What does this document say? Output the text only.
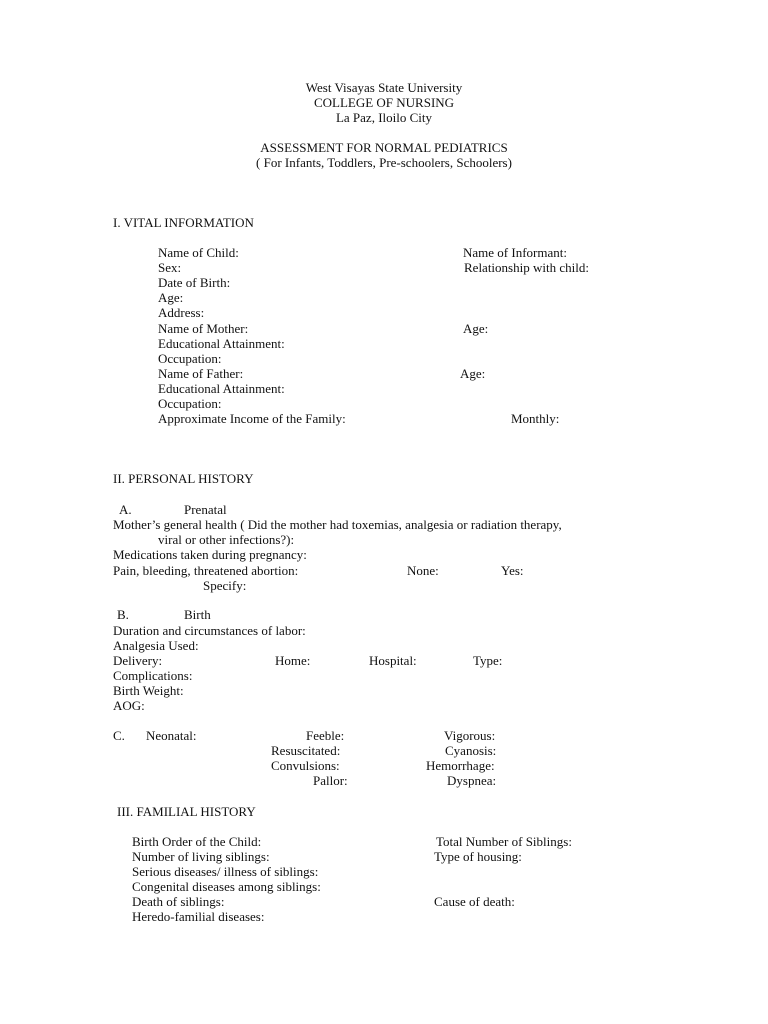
West Visayas State University
COLLEGE OF NURSING
La Paz, Iloilo City
ASSESSMENT FOR NORMAL PEDIATRICS
( For Infants, Toddlers, Pre-schoolers, Schoolers)
I. VITAL INFORMATION
Name of Child:	Name of Informant:
Sex:	Relationship with child:
Date of Birth:
Age:
Address:
Name of Mother:	Age:
Educational Attainment:
Occupation:
Name of Father:	Age:
Educational Attainment:
Occupation:
Approximate Income of the Family:	Monthly:
II. PERSONAL HISTORY
A.	Prenatal
Mother’s general health ( Did the mother had toxemias, analgesia or radiation therapy,
viral or other infections?):
Medications taken during pregnancy:
Pain, bleeding, threatened abortion:	None:	Yes:
Specify:
B.	Birth
Duration and circumstances of labor:
Analgesia Used:
Delivery:	Home:	Hospital:	Type:
Complications:
Birth Weight:
AOG:
C. Neonatal:	Feeble:	Vigorous:
Resuscitated:	Cyanosis:
Convulsions:	Hemorrhage:
Pallor:	Dyspnea:
III. FAMILIAL HISTORY
Birth Order of the Child:	Total Number of Siblings:
Number of living siblings:	Type of housing:
Serious diseases/ illness of siblings:
Congenital diseases among siblings:
Death of siblings:	Cause of death:
Heredo-familial diseases:
